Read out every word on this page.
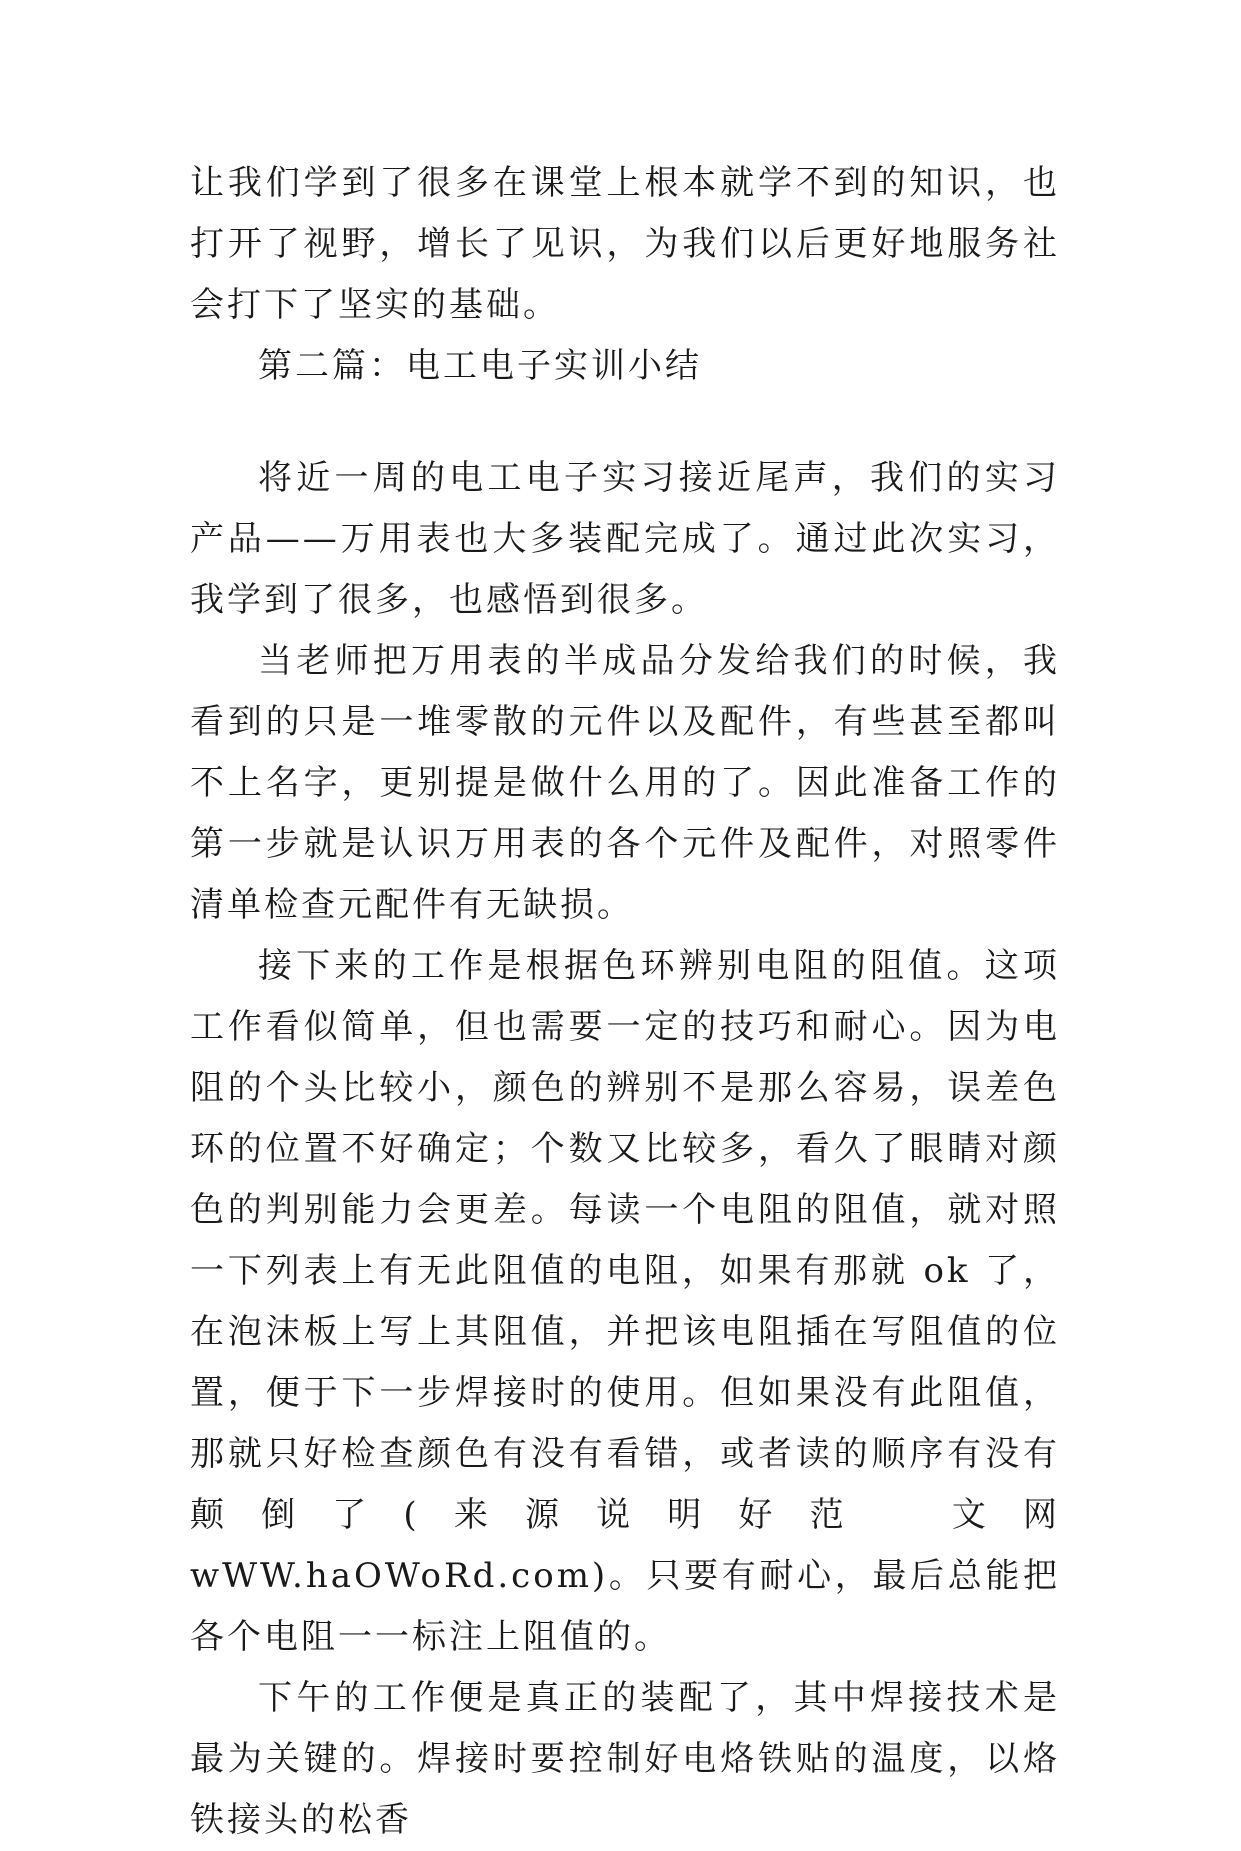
让我们学到了很多在课堂上根本就学不到的知识，也打开了视野，增长了见识，为我们以后更好地服务社会打下了坚实的基础。

第二篇：电工电子实训小结

将近一周的电工电子实习接近尾声，我们的实习产品——万用表也大多装配完成了。通过此次实习，我学到了很多，也感悟到很多。

当老师把万用表的半成品分发给我们的时候，我看到的只是一堆零散的元件以及配件，有些甚至都叫不上名字，更别提是做什么用的了。因此准备工作的第一步就是认识万用表的各个元件及配件，对照零件清单检查元配件有无缺损。

接下来的工作是根据色环辨别电阻的阻值。这项工作看似简单，但也需要一定的技巧和耐心。因为电阻的个头比较小，颜色的辨别不是那么容易，误差色环的位置不好确定；个数又比较多，看久了眼睛对颜色的判别能力会更差。每读一个电阻的阻值，就对照一下列表上有无此阻值的电阻，如果有那就 ok 了，在泡沫板上写上其阻值，并把该电阻插在写阻值的位置，便于下一步焊接时的使用。但如果没有此阻值，那就只好检查颜色有没有看错，或者读的顺序有没有颠倒了(来源说明好范　文网 wWW.haOWoRd.com)。只要有耐心，最后总能把各个电阻一一标注上阻值的。

下午的工作便是真正的装配了，其中焊接技术是最为关键的。焊接时要控制好电烙铁贴的温度，以烙铁接头的松香
